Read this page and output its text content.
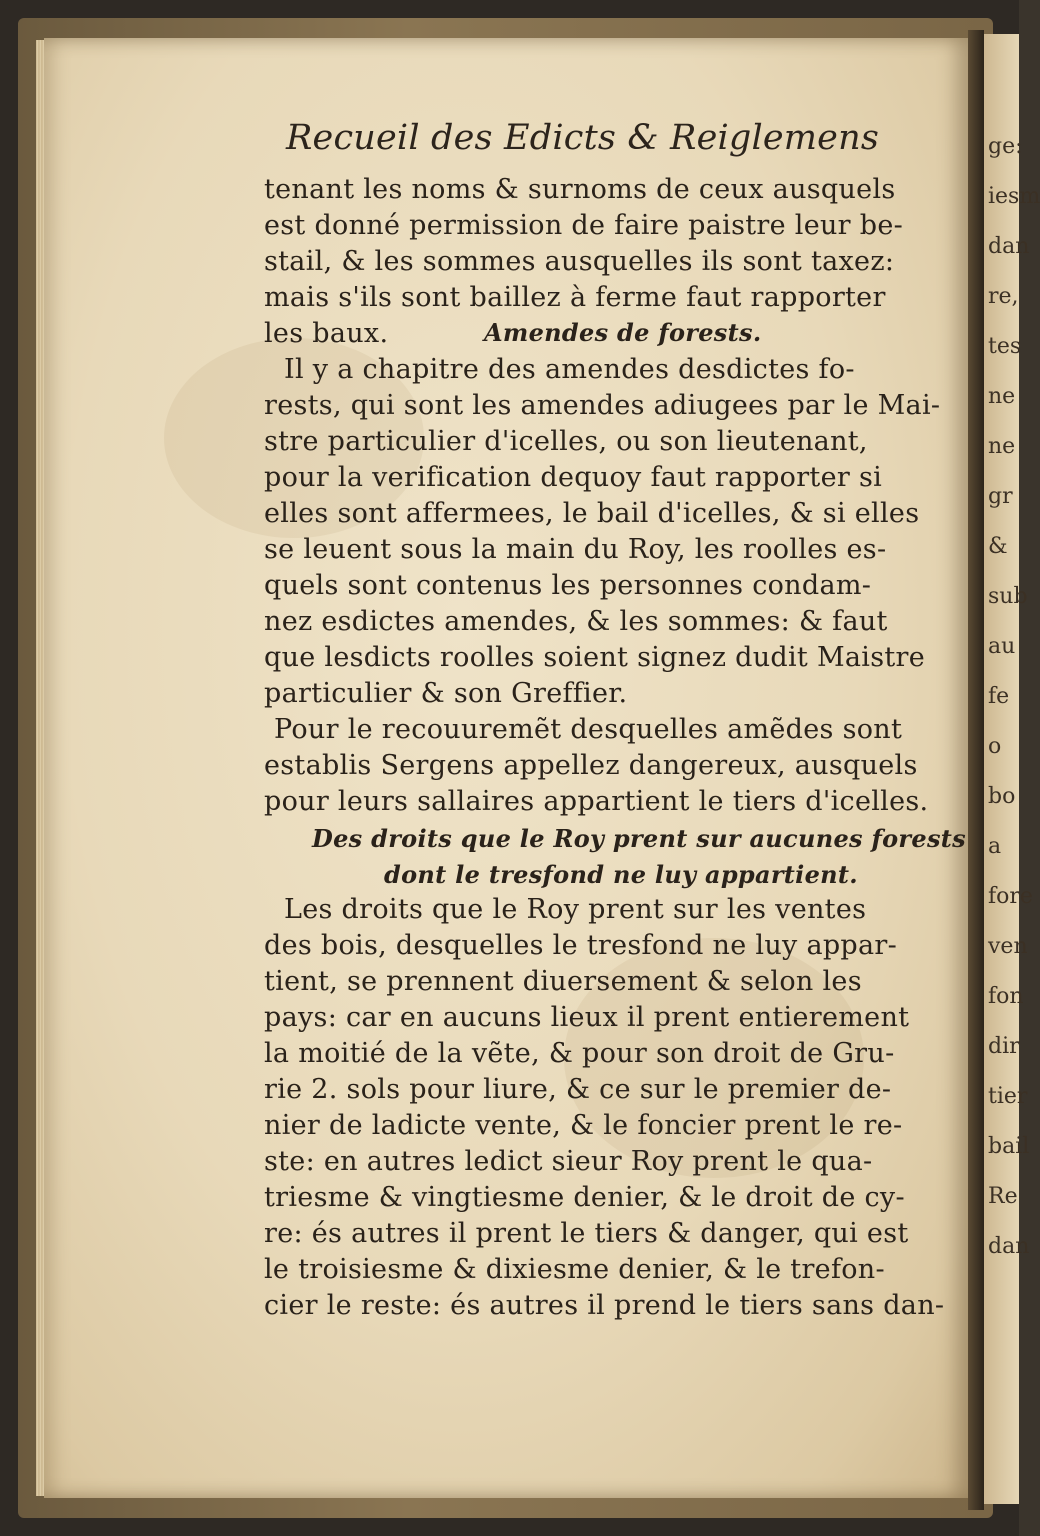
ge:
iesm
dan
re,
tes
ne
ne
gr
&
sub
au
fe
o
bo
a
fore
ven
fon
dir
tier
bail
Re
dan
Recueil des Edicts & Reiglemens
tenant les noms & surnoms de ceux ausquels
est donné permission de faire paistre leur be-
stail, & les sommes ausquelles ils sont taxez:
mais s'ils sont baillez à ferme faut rapporter
les baux.	Amendes de forests.
Il y a chapitre des amendes desdictes fo-
rests, qui sont les amendes adiugees par le Mai-
stre particulier d'icelles, ou son lieutenant,
pour la verification dequoy faut rapporter si
elles sont affermees, le bail d'icelles, & si elles
se leuent sous la main du Roy, les roolles es-
quels sont contenus les personnes condam-
nez esdictes amendes, & les sommes: & faut
que lesdicts roolles soient signez dudit Maistre
particulier & son Greffier.
Pour le recouuremẽt desquelles amẽdes sont
establis Sergens appellez dangereux, ausquels
pour leurs sallaires appartient le tiers d'icelles.
Des droits que le Roy prent sur aucunes forests
dont le tresfond ne luy appartient.
Les droits que le Roy prent sur les ventes
des bois, desquelles le tresfond ne luy appar-
tient, se prennent diuersement & selon les
pays: car en aucuns lieux il prent entierement
la moitié de la vẽte, & pour son droit de Gru-
rie 2. sols pour liure, & ce sur le premier de-
nier de ladicte vente, & le foncier prent le re-
ste: en autres ledict sieur Roy prent le qua-
triesme & vingtiesme denier, & le droit de cy-
re: és autres il prent le tiers & danger, qui est
le troisiesme & dixiesme denier, & le trefon-
cier le reste: és autres il prend le tiers sans dan-
